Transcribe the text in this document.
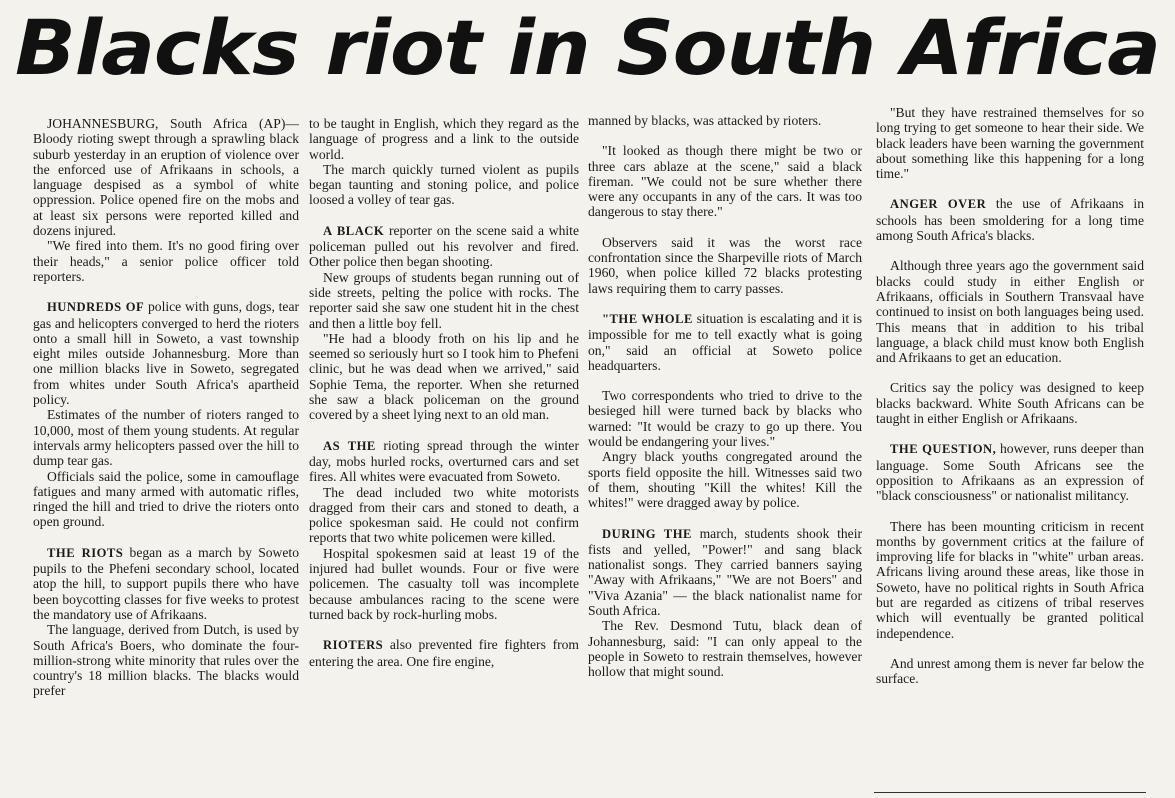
Blacks riot in South Africa

JOHANNESBURG, South Africa (AP)— Bloody rioting swept through a sprawling black suburb yesterday in an eruption of violence over the enforced use of Afrikaans in schools, a language despised as a symbol of white oppression. Police opened fire on the mobs and at least six persons were reported killed and dozens injured.

"We fired into them. It's no good firing over their heads," a senior police officer told reporters.

HUNDREDS OF police with guns, dogs, tear gas and helicopters converged to herd the rioters onto a small hill in Soweto, a vast township eight miles outside Johannesburg. More than one million blacks live in Soweto, segregated from whites under South Africa's apartheid policy.

Estimates of the number of rioters ranged to 10,000, most of them young students. At regular intervals army helicopters passed over the hill to dump tear gas.

Officials said the police, some in camouflage fatigues and many armed with automatic rifles, ringed the hill and tried to drive the rioters onto open ground.

THE RIOTS began as a march by Soweto pupils to the Phefeni secondary school, located atop the hill, to support pupils there who have been boycotting classes for five weeks to protest the mandatory use of Afrikaans.

The language, derived from Dutch, is used by South Africa's Boers, who dominate the four-million-strong white minority that rules over the country's 18 million blacks. The blacks would prefer

to be taught in English, which they regard as the language of progress and a link to the outside world.

The march quickly turned violent as pupils began taunting and stoning police, and police loosed a volley of tear gas.

A BLACK reporter on the scene said a white policeman pulled out his revolver and fired. Other police then began shooting.

New groups of students began running out of side streets, pelting the police with rocks. The reporter said she saw one student hit in the chest and then a little boy fell.

"He had a bloody froth on his lip and he seemed so seriously hurt so I took him to Phefeni clinic, but he was dead when we arrived," said Sophie Tema, the reporter. When she returned she saw a black policeman on the ground covered by a sheet lying next to an old man.

AS THE rioting spread through the winter day, mobs hurled rocks, overturned cars and set fires. All whites were evacuated from Soweto.

The dead included two white motorists dragged from their cars and stoned to death, a police spokesman said. He could not confirm reports that two white policemen were killed.

Hospital spokesmen said at least 19 of the injured had bullet wounds. Four or five were policemen. The casualty toll was incomplete because ambulances racing to the scene were turned back by rock-hurling mobs.

RIOTERS also prevented fire fighters from entering the area. One fire engine,

manned by blacks, was attacked by rioters.

"It looked as though there might be two or three cars ablaze at the scene," said a black fireman. "We could not be sure whether there were any occupants in any of the cars. It was too dangerous to stay there."

Observers said it was the worst race confrontation since the Sharpeville riots of March 1960, when police killed 72 blacks protesting laws requiring them to carry passes.

"THE WHOLE situation is escalating and it is impossible for me to tell exactly what is going on," said an official at Soweto police headquarters.

Two correspondents who tried to drive to the besieged hill were turned back by blacks who warned: "It would be crazy to go up there. You would be endangering your lives."

Angry black youths congregated around the sports field opposite the hill. Witnesses said two of them, shouting "Kill the whites! Kill the whites!" were dragged away by police.

DURING THE march, students shook their fists and yelled, "Power!" and sang black nationalist songs. They carried banners saying "Away with Afrikaans," "We are not Boers" and "Viva Azania" — the black nationalist name for South Africa.

The Rev. Desmond Tutu, black dean of Johannesburg, said: "I can only appeal to the people in Soweto to restrain themselves, however hollow that might sound.

"But they have restrained themselves for so long trying to get someone to hear their side. We black leaders have been warning the government about something like this happening for a long time."

ANGER OVER the use of Afrikaans in schools has been smoldering for a long time among South Africa's blacks.

Although three years ago the government said blacks could study in either English or Afrikaans, officials in Southern Transvaal have continued to insist on both languages being used. This means that in addition to his tribal language, a black child must know both English and Afrikaans to get an education.

Critics say the policy was designed to keep blacks backward. White South Africans can be taught in either English or Afrikaans.

THE QUESTION, however, runs deeper than language. Some South Africans see the opposition to Afrikaans as an expression of "black consciousness" or nationalist militancy.

There has been mounting criticism in recent months by government critics at the failure of improving life for blacks in "white" urban areas. Africans living around these areas, like those in Soweto, have no political rights in South Africa but are regarded as citizens of tribal reserves which will eventually be granted political independence.

And unrest among them is never far below the surface.
